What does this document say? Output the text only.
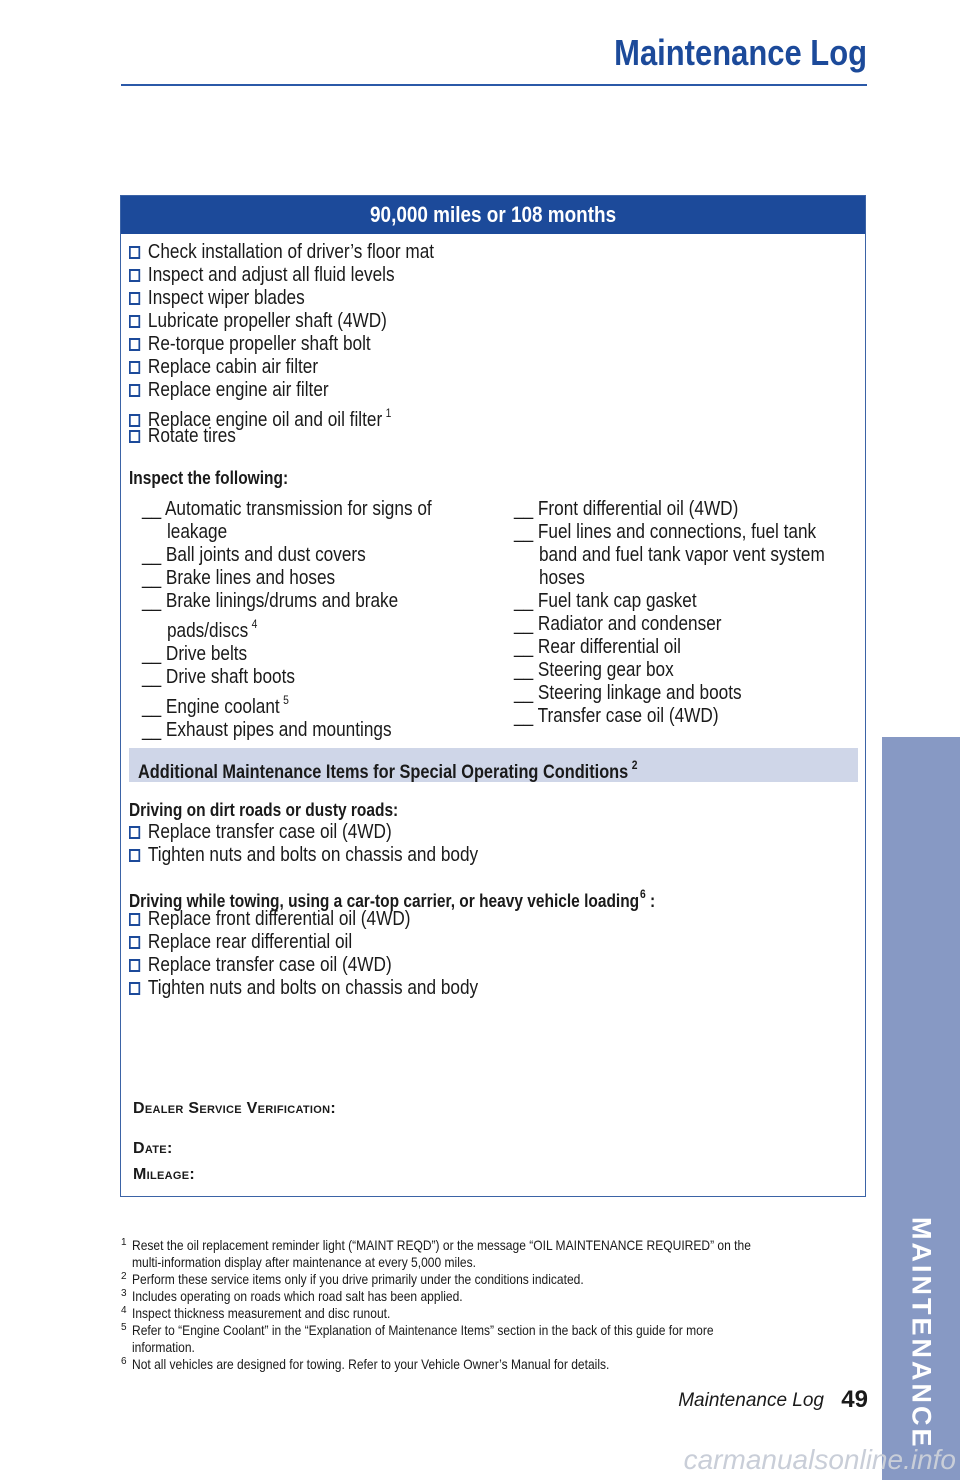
Maintenance Log
90,000 miles or 108 months
Check installation of driver’s floor mat
Inspect and adjust all fluid levels
Inspect wiper blades
Lubricate propeller shaft (4WD)
Re-torque propeller shaft bolt
Replace cabin air filter
Replace engine air filter
Replace engine oil and oil filter $^1$
Rotate tires
Inspect the following:
__ Automatic transmission for signs of
leakage
__ Ball joints and dust covers
__ Brake lines and hoses
__ Brake linings/drums and brake
pads/discs $^4$
__ Drive belts
__ Drive shaft boots
__ Engine coolant $^5$
__ Exhaust pipes and mountings
__ Front differential oil (4WD)
__ Fuel lines and connections, fuel tank
band and fuel tank vapor vent system
hoses
__ Fuel tank cap gasket
__ Radiator and condenser
__ Rear differential oil
__ Steering gear box
__ Steering linkage and boots
__ Transfer case oil (4WD)
Additional Maintenance Items for Special Operating Conditions $^2$
Driving on dirt roads or dusty roads:
Replace transfer case oil (4WD)
Tighten nuts and bolts on chassis and body
Driving while towing, using a car-top carrier, or heavy vehicle loading$^6$ :
Replace front differential oil (4WD)
Replace rear differential oil
Replace transfer case oil (4WD)
Tighten nuts and bolts on chassis and body
Dealer Service Verification:
Date:
Mileage:
1 Reset the oil replacement reminder light (“MAINT REQD”) or the message “OIL MAINTENANCE REQUIRED” on the
multi-information display after maintenance at every 5,000 miles.
2 Perform these service items only if you drive primarily under the conditions indicated.
3 Includes operating on roads which road salt has been applied.
4 Inspect thickness measurement and disc runout.
5 Refer to “Engine Coolant” in the “Explanation of Maintenance Items” section in the back of this guide for more
information.
6 Not all vehicles are designed for towing. Refer to your Vehicle Owner’s Manual for details.
Maintenance Log 49 MAINTENANCE
carmanualsonline.info
